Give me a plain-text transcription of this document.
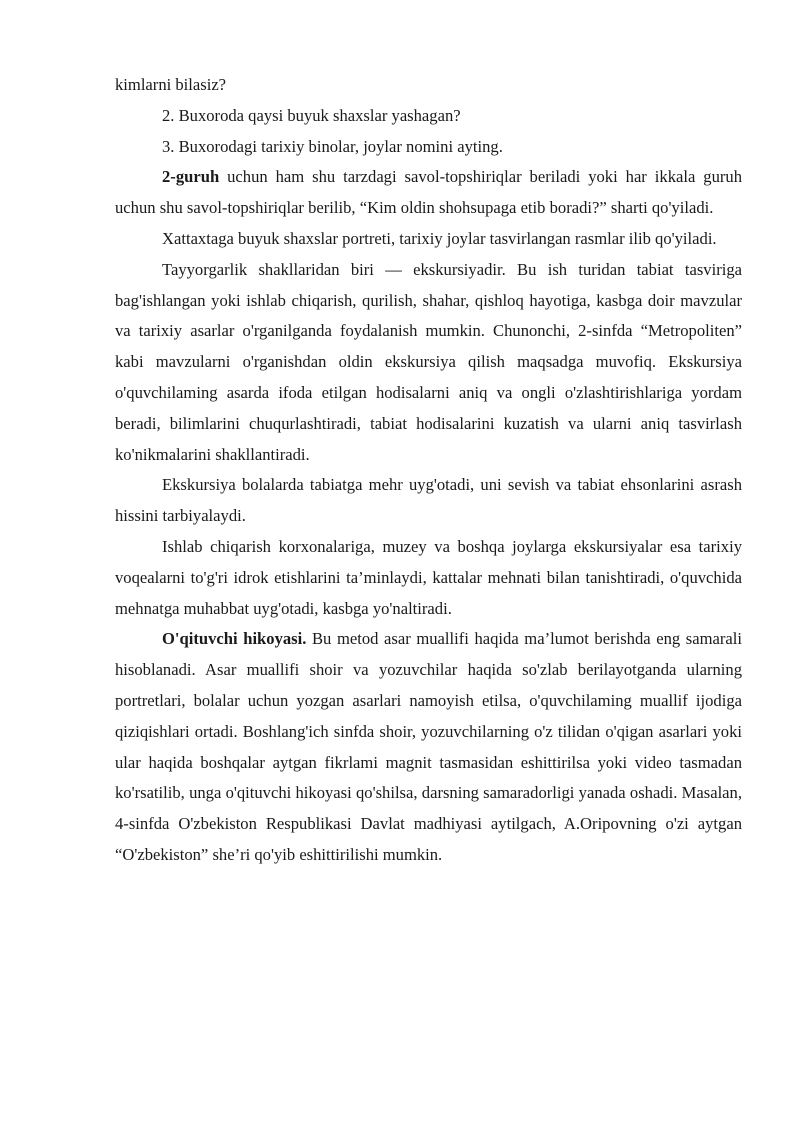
kimlarni bilasiz?

2. Buxoroda qaysi buyuk shaxslar yashagan?

3. Buxorodagi tarixiy binolar, joylar nomini ayting.

2-guruh uchun ham shu tarzdagi savol-topshiriqlar beriladi yoki har ikkala guruh uchun shu savol-topshiriqlar berilib, “Kim oldin shohsupaga etib boradi?” sharti qo'yiladi.

Xattaxtaga buyuk shaxslar portreti, tarixiy joylar tasvirlangan rasmlar ilib qo'yiladi.

Tayyorgarlik shakllaridan biri — ekskursiyadir. Bu ish turidan tabiat tasviriga bag'ishlangan yoki ishlab chiqarish, qurilish, shahar, qishloq hayotiga, kasbga doir mavzular va tarixiy asarlar o'rganilganda foydalanish mumkin. Chunonchi, 2-sinfda “Metropoliten” kabi mavzularni o'rganishdan oldin ekskursiya qilish maqsadga muvofiq. Ekskursiya o'quvchilaming asarda ifoda etilgan hodisalarni aniq va ongli o'zlashtirishlariga yordam beradi, bilimlarini chuqurlashtiradi, tabiat hodisalarini kuzatish va ularni aniq tasvirlash ko'nikmalarini shakllantiradi.

Ekskursiya bolalarda tabiatga mehr uyg'otadi, uni sevish va tabiat ehsonlarini asrash hissini tarbiyalaydi.

Ishlab chiqarish korxonalariga, muzey va boshqa joylarga ekskursiyalar esa tarixiy voqealarni to'g'ri idrok etishlarini ta’minlaydi, kattalar mehnati bilan tanishtiradi, o'quvchida mehnatga muhabbat uyg'otadi, kasbga yo'naltiradi.

O'qituvchi hikoyasi. Bu metod asar muallifi haqida ma’lumot berishda eng samarali hisoblanadi. Asar muallifi shoir va yozuvchilar haqida so'zlab berilayotganda ularning portretlari, bolalar uchun yozgan asarlari namoyish etilsa, o'quvchilaming muallif ijodiga qiziqishlari ortadi. Boshlang'ich sinfda shoir, yozuvchilarning o'z tilidan o'qigan asarlari yoki ular haqida boshqalar aytgan fikrlami magnit tasmasidan eshittirilsa yoki video tasmadan ko'rsatilib, unga o'qituvchi hikoyasi qo'shilsa, darsning samaradorligi yanada oshadi. Masalan, 4-sinfda O'zbekiston Respublikasi Davlat madhiyasi aytilgach, A.Oripovning o'zi aytgan “O'zbekiston” she’ri qo'yib eshittirilishi mumkin.
